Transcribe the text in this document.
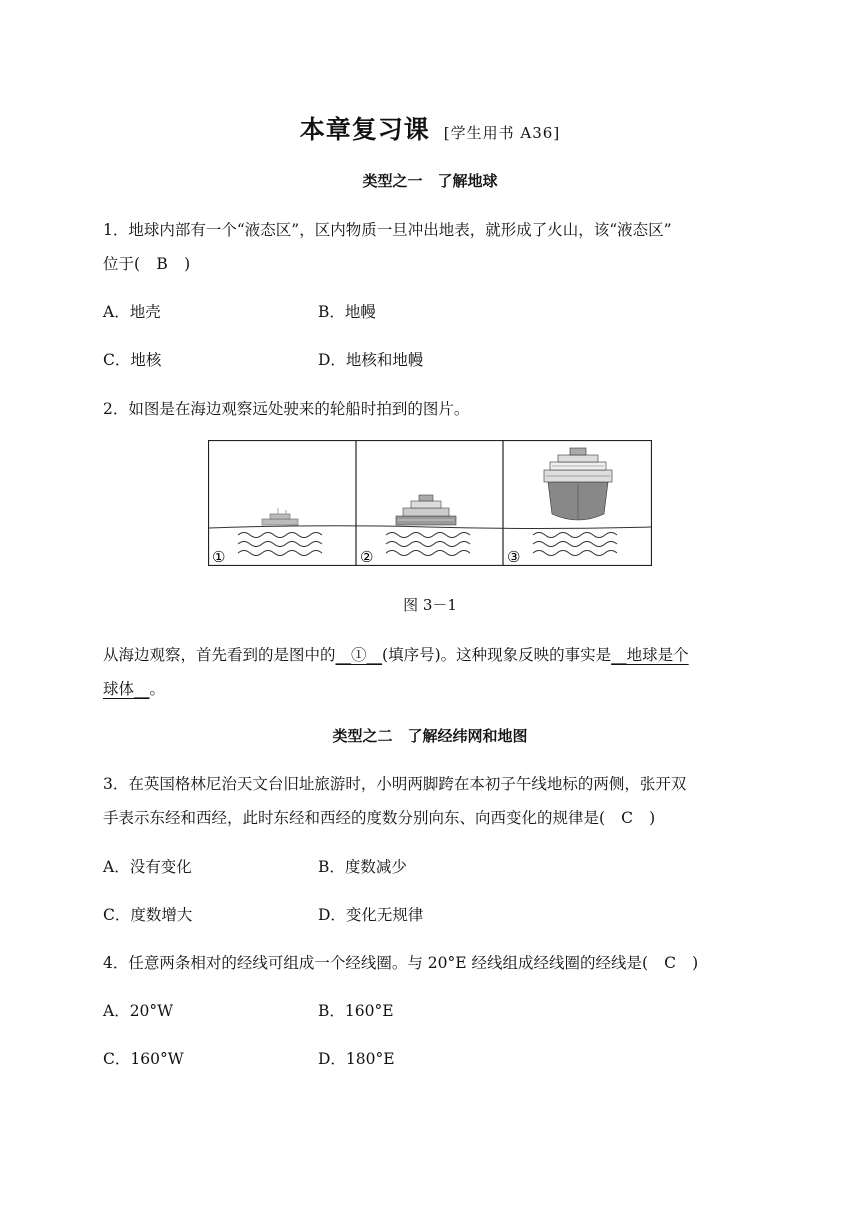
本章复习课 [学生用书 A36]
类型之一　了解地球
1．地球内部有一个“液态区”，区内物质一旦冲出地表，就形成了火山，该“液态区”
位于( B )
A．地壳	B．地幔
C．地核	D．地核和地幔
2．如图是在海边观察远处驶来的轮船时拍到的图片。
①	②	③
图 3－1
从海边观察，首先看到的是图中的__①__(填序号)。这种现象反映的事实是__地球是个
球体__。
类型之二　了解经纬网和地图
3．在英国格林尼治天文台旧址旅游时，小明两脚跨在本初子午线地标的两侧，张开双
手表示东经和西经，此时东经和西经的度数分别向东、向西变化的规律是( C )
A．没有变化	B．度数减少
C．度数增大	D．变化无规律
4．任意两条相对的经线可组成一个经线圈。与 20°E 经线组成经线圈的经线是( C )
A．20°W	B．160°E
C．160°W	D．180°E
